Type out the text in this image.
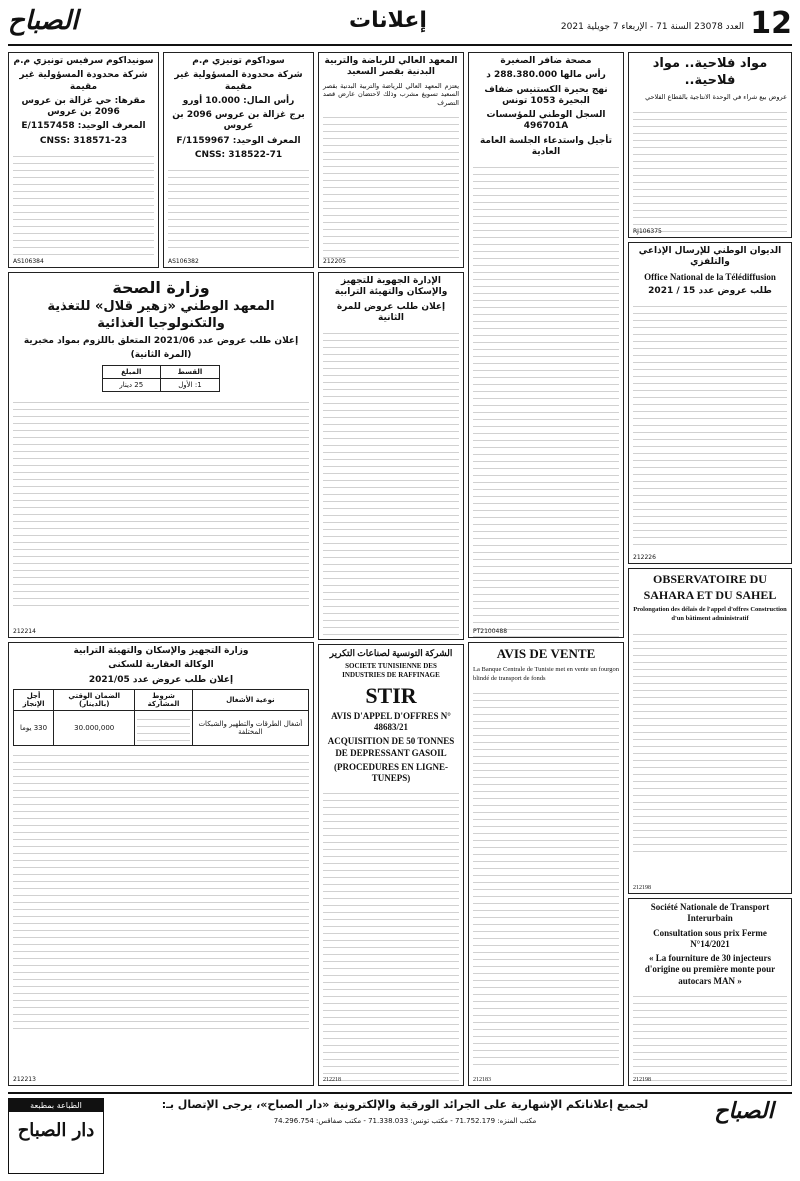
12
العدد 23078 السنة 71 - الإربعاء 7 جويلية 2021
إعلانات
الصباح
مواد فلاحية.. مواد فلاحية..

عروض بيع شراء في الوحدة الانتاجية بالقطاع الفلاحي

RJ106375
الديوان الوطني للإرسال الإذاعي والتلفزي
Office National de la Télédiffusion
طلب عروض عدد 15 / 2021
212226
OBSERVATOIRE DU SAHARA ET DU SAHEL

Prolongation des délais de l'appel d'offres Construction d'un bâtiment administratif

212198
Société Nationale de Transport Interurbain
Consultation sous prix Ferme N°14/2021
« La fourniture de 30 injecteurs d'origine ou première monte pour autocars MAN »
212198
مصحة ضافر الصغيرة
رأس مالها 288.380.000 د
نهج بحيرة الكستنيس ضفاف البحيرة 1053 تونس
السجل الوطني للمؤسسات 496701A
تأجيل واستدعاء الجلسة العامة العادية
PT2100488
AVIS DE VENTE

La Banque Centrale de Tunisie met en vente un fourgon blindé de transport de fonds

212183
المعهد العالي للرياضة والتربية البدنية بقصر السعيد

يعتزم المعهد العالي للرياضة والتربية البدنية بقصر السعيد تسويغ مشرب وذلك لاحتضان عارض قصد التصرف

212205
الإدارة الجهوية للتجهيز والإسكان والتهيئة الترابية
إعلان طلب عروض للمرة الثانية
الشركة التونسية لصناعات التكرير
SOCIETE TUNISIENNE DES INDUSTRIES DE RAFFINAGE
STIR
AVIS D'APPEL D'OFFRES N° 48683/21
ACQUISITION DE 50 TONNES DE DEPRESSANT GASOIL
(PROCEDURES EN LIGNE- TUNEPS)
212218
سوداكوم تونيزي م.م
شركة محدودة المسؤولية غير مقيمة
رأس المال: 10.000 أورو
برج غزالة بن عروس 2096 بن عروس
المعرف الوحيد: 1159967/F
CNSS: 318522-71
AS106382
سونيداكوم سرفيس تونيزي م.م
شركة محدودة المسؤولية غير مقيمة
مقرها: حي غزالة بن عروس 2096 بن عروس
المعرف الوحيد: 1157458/E
CNSS: 318571-23
AS106384
وزارة الصحة
المعهد الوطني «زهير قلال» للتغذية والتكنولوجيا الغذائية
إعلان طلب عروض عدد 2021/06 المتعلق باللزوم بمواد مخبرية
(المرة الثانية)
القسط	المبلغ
1: الأول	25 دينار
212214
وزارة التجهيز والإسكان والتهيئة الترابية
الوكالة العقارية للسكنى
إعلان طلب عروض عدد 2021/05
نوعية الأشغال	شروط المشاركة	الضمان الوقتي (بالدينار)	أجل الإنجاز
أشغال الطرقات والتطهير والشبكات المختلفة		30.000,000	330 يوما
212213
الطباعة بمطبعة
دار الصباح
لجميع إعلاناتكم الإشهارية على الجرائد الورقية والإلكترونية «دار الصباح»، يرجى الإتصال بـ:
مكتب المنزه: 71.752.179 - مكتب تونس: 71.338.033 - مكتب صفاقس: 74.296.754	الصباح
